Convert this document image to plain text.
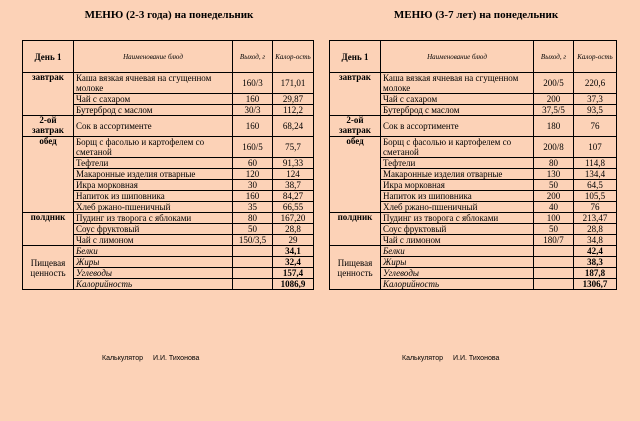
МЕНЮ (2-3 года) на понедельник
День 1	Наименование блюд	Выход, г	Калор-ость
завтрак	Каша вязкая ячневая на сгущенном молоке	160/3	171,01
	Чай с сахаром	160	29,87
	Бутерброд с маслом	30/3	112,2
2-ой завтрак	Сок в ассортименте	160	68,24
обед	Борщ с фасолью и картофелем со сметаной	160/5	75,7
	Тефтели	60	91,33
	Макаронные изделия отварные	120	124
	Икра морковная	30	38,7
	Напиток из шиповника	160	84,27
	Хлеб ржано-пшеничный	35	66,55
полдник	Пудинг из творога с яблоками	80	167,20
	Соус фруктовый	50	28,8
	Чай с лимоном	150/3,5	29
Пищевая ценность	Белки		34,1
	Жиры		32,4
	Углеводы		157,4
	Калорийность		1086,9
Калькулятор И.И. Тихонова
МЕНЮ (3-7 лет) на понедельник
День 1	Наименование блюд	Выход, г	Калор-ость
завтрак	Каша вязкая ячневая на сгущенном молоке	200/5	220,6
	Чай с сахаром	200	37,3
	Бутерброд с маслом	37,5/5	93,5
2-ой завтрак	Сок в ассортименте	180	76
обед	Борщ с фасолью и картофелем со сметаной	200/8	107
	Тефтели	80	114,8
	Макаронные изделия отварные	130	134,4
	Икра морковная	50	64,5
	Напиток из шиповника	200	105,5
	Хлеб ржано-пшеничный	40	76
полдник	Пудинг из творога с яблоками	100	213,47
	Соус фруктовый	50	28,8
	Чай с лимоном	180/7	34,8
Пищевая ценность	Белки		42,4
	Жиры		38,3
	Углеводы		187,8
	Калорийность		1306,7
Калькулятор И.И. Тихонова
